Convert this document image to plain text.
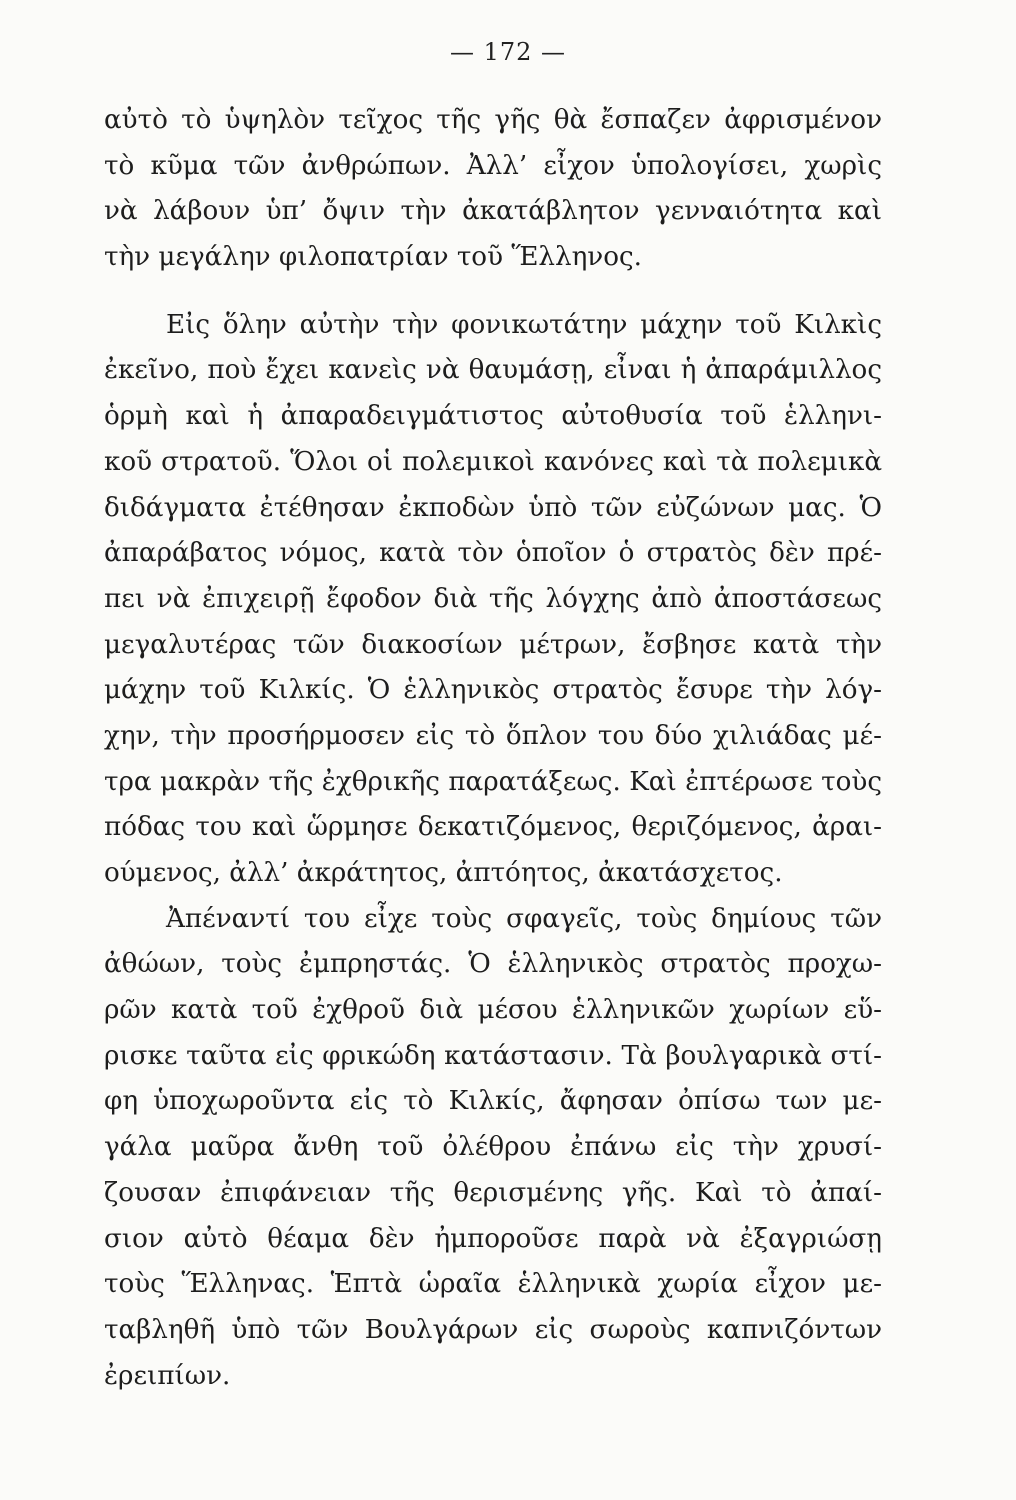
— 172 —
αὐτὸ τὸ ὑψηλὸν τεῖχος τῆς γῆς θὰ ἔσπαζεν ἀφρισμένον
τὸ κῦμα τῶν ἀνθρώπων. Ἀλλ’ εἶχον ὑπολογίσει, χωρὶς
νὰ λάβουν ὑπ’ ὄψιν τὴν ἀκατάβλητον γενναιότητα καὶ
τὴν μεγάλην φιλοπατρίαν τοῦ Ἕλληνος.
Εἰς ὅλην αὐτὴν τὴν φονικωτάτην μάχην τοῦ Κιλκὶς
ἐκεῖνο, ποὺ ἔχει κανεὶς νὰ θαυμάσῃ, εἶναι ἡ ἀπαράμιλλος
ὁρμὴ καὶ ἡ ἀπαραδειγμάτιστος αὐτοθυσία τοῦ ἑλληνι-
κοῦ στρατοῦ. Ὅλοι οἱ πολεμικοὶ κανόνες καὶ τὰ πολεμικὰ
διδάγματα ἐτέθησαν ἐκποδὼν ὑπὸ τῶν εὐζώνων μας. Ὁ
ἀπαράβατος νόμος, κατὰ τὸν ὁποῖον ὁ στρατὸς δὲν πρέ-
πει νὰ ἐπιχειρῇ ἔφοδον διὰ τῆς λόγχης ἀπὸ ἀποστάσεως
μεγαλυτέρας τῶν διακοσίων μέτρων, ἔσβησε κατὰ τὴν
μάχην τοῦ Κιλκίς. Ὁ ἑλληνικὸς στρατὸς ἔσυρε τὴν λόγ-
χην, τὴν προσήρμοσεν εἰς τὸ ὅπλον του δύο χιλιάδας μέ-
τρα μακρὰν τῆς ἐχθρικῆς παρατάξεως. Καὶ ἐπτέρωσε τοὺς
πόδας του καὶ ὥρμησε δεκατιζόμενος, θεριζόμενος, ἀραι-
ούμενος, ἀλλ’ ἀκράτητος, ἀπτόητος, ἀκατάσχετος.
Ἀπέναντί του εἶχε τοὺς σφαγεῖς, τοὺς δημίους τῶν
ἀθώων, τοὺς ἐμπρηστάς. Ὁ ἑλληνικὸς στρατὸς προχω-
ρῶν κατὰ τοῦ ἐχθροῦ διὰ μέσου ἑλληνικῶν χωρίων εὕ-
ρισκε ταῦτα εἰς φρικώδη κατάστασιν. Τὰ βουλγαρικὰ στί-
φη ὑποχωροῦντα εἰς τὸ Κιλκίς, ἄφησαν ὀπίσω των με-
γάλα μαῦρα ἄνθη τοῦ ὀλέθρου ἐπάνω εἰς τὴν χρυσί-
ζουσαν ἐπιφάνειαν τῆς θερισμένης γῆς. Καὶ τὸ ἀπαί-
σιον αὐτὸ θέαμα δὲν ἠμποροῦσε παρὰ νὰ ἐξαγριώσῃ
τοὺς Ἕλληνας. Ἑπτὰ ὡραῖα ἑλληνικὰ χωρία εἶχον με-
ταβληθῆ ὑπὸ τῶν Βουλγάρων εἰς σωροὺς καπνιζόντων
ἐρειπίων.
